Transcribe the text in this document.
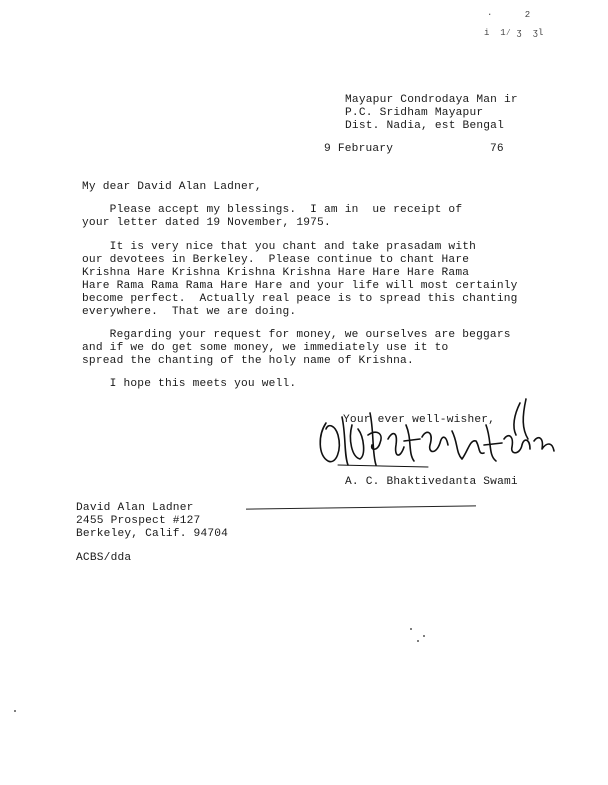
·      2
i  1⁄ ʒ  ʒl
Mayapur Condrodaya Man ir
P.C. Sridham Mayapur
Dist. Nadia, est Bengal
9 February	76
My dear David Alan Ladner,
Please accept my blessings.  I am in  ue receipt of
your letter dated 19 November, 1975.
It is very nice that you chant and take prasadam with
our devotees in Berkeley.  Please continue to chant Hare
Krishna Hare Krishna Krishna Krishna Hare Hare Hare Rama
Hare Rama Rama Rama Hare Hare and your life will most certainly
become perfect.  Actually real peace is to spread this chanting
everywhere.  That we are doing.
Regarding your request for money, we ourselves are beggars
and if we do get some money, we immediately use it to
spread the chanting of the holy name of Krishna.
I hope this meets you well.
Your ever well-wisher,
A. C. Bhaktivedanta Swami
David Alan Ladner
2455 Prospect #127
Berkeley, Calif. 94704
ACBS/dda
